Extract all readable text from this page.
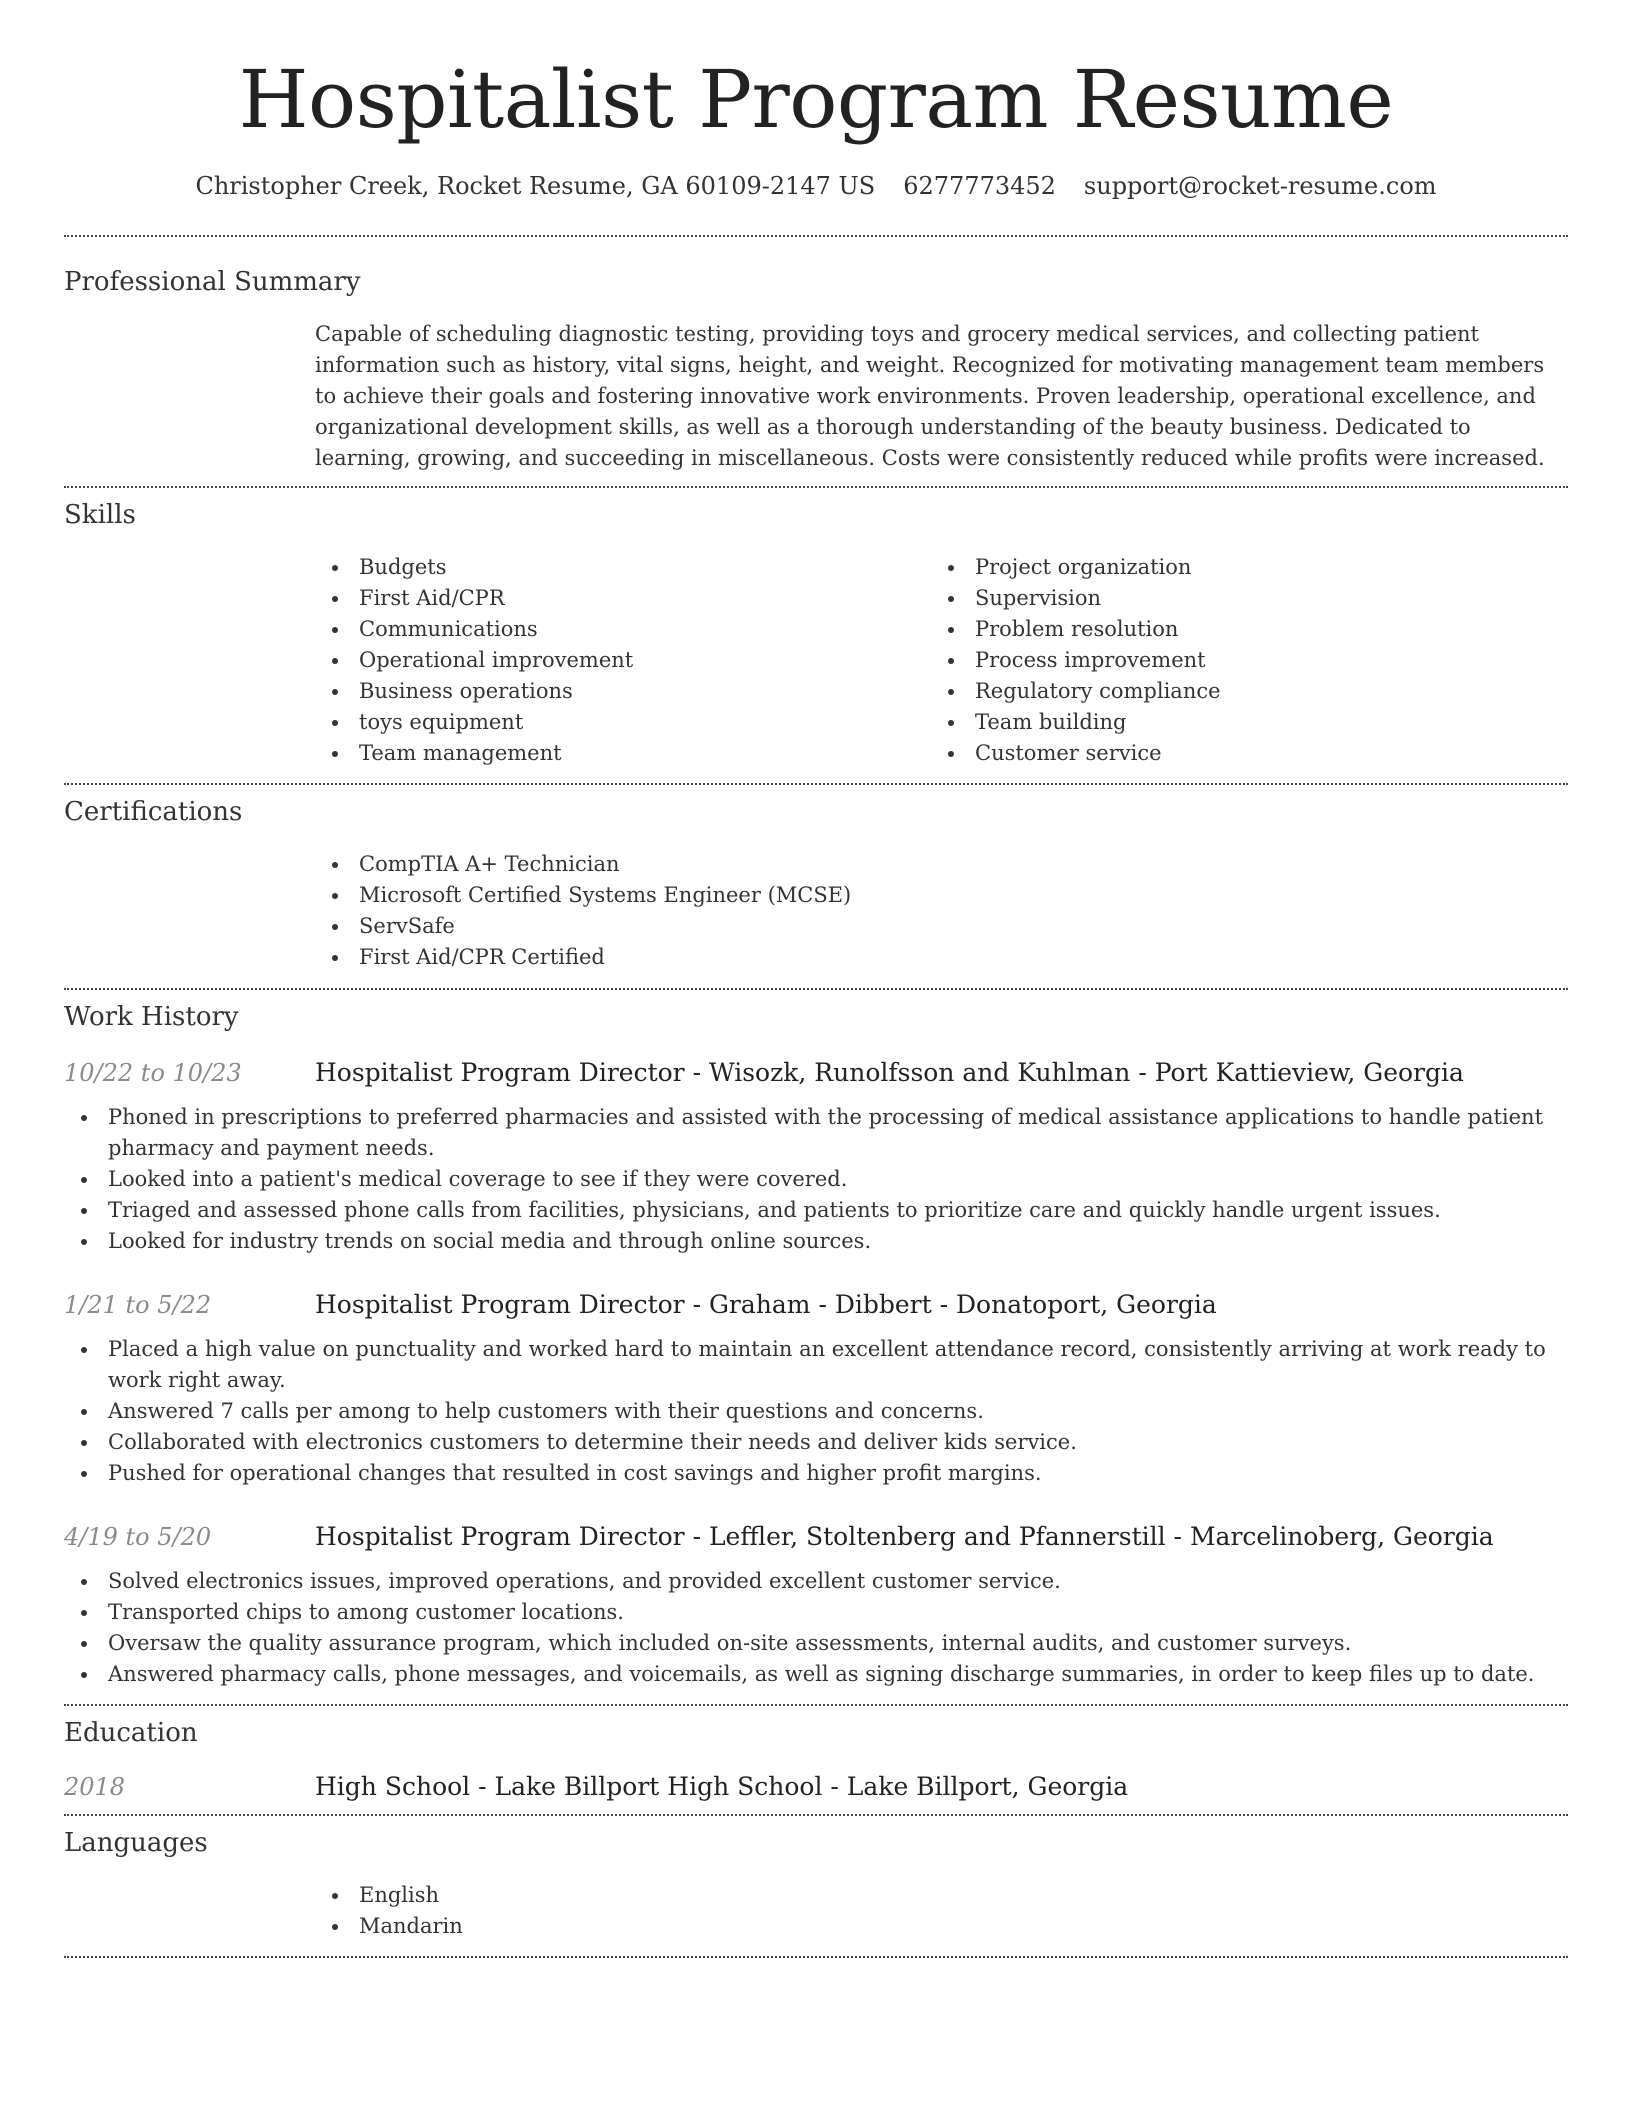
Hospitalist Program Resume
Christopher Creek, Rocket Resume, GA 60109-2147 US 6277773452 support@rocket-resume.com
Professional Summary

Capable of scheduling diagnostic testing, providing toys and grocery medical services, and collecting patient information such as history, vital signs, height, and weight. Recognized for motivating management team members to achieve their goals and fostering innovative work environments. Proven leadership, operational excellence, and organizational development skills, as well as a thorough understanding of the beauty business. Dedicated to learning, growing, and succeeding in miscellaneous. Costs were consistently reduced while profits were increased.

Skills
Budgets
First Aid/CPR
Communications
Operational improvement
Business operations
toys equipment
Team management
Project organization
Supervision
Problem resolution
Process improvement
Regulatory compliance
Team building
Customer service
Certifications
CompTIA A+ Technician
Microsoft Certified Systems Engineer (MCSE)
ServSafe
First Aid/CPR Certified
Work History
10/22 to 10/23	Hospitalist Program Director - Wisozk, Runolfsson and Kuhlman - Port Kattieview, Georgia
Phoned in prescriptions to preferred pharmacies and assisted with the processing of medical assistance applications to handle patient pharmacy and payment needs.
Looked into a patient's medical coverage to see if they were covered.
Triaged and assessed phone calls from facilities, physicians, and patients to prioritize care and quickly handle urgent issues.
Looked for industry trends on social media and through online sources.
1/21 to 5/22	Hospitalist Program Director - Graham - Dibbert - Donatoport, Georgia
Placed a high value on punctuality and worked hard to maintain an excellent attendance record, consistently arriving at work ready to work right away.
Answered 7 calls per among to help customers with their questions and concerns.
Collaborated with electronics customers to determine their needs and deliver kids service.
Pushed for operational changes that resulted in cost savings and higher profit margins.
4/19 to 5/20	Hospitalist Program Director - Leffler, Stoltenberg and Pfannerstill - Marcelinoberg, Georgia
Solved electronics issues, improved operations, and provided excellent customer service.
Transported chips to among customer locations.
Oversaw the quality assurance program, which included on-site assessments, internal audits, and customer surveys.
Answered pharmacy calls, phone messages, and voicemails, as well as signing discharge summaries, in order to keep files up to date.
Education
2018	High School - Lake Billport High School - Lake Billport, Georgia
Languages
English
Mandarin
